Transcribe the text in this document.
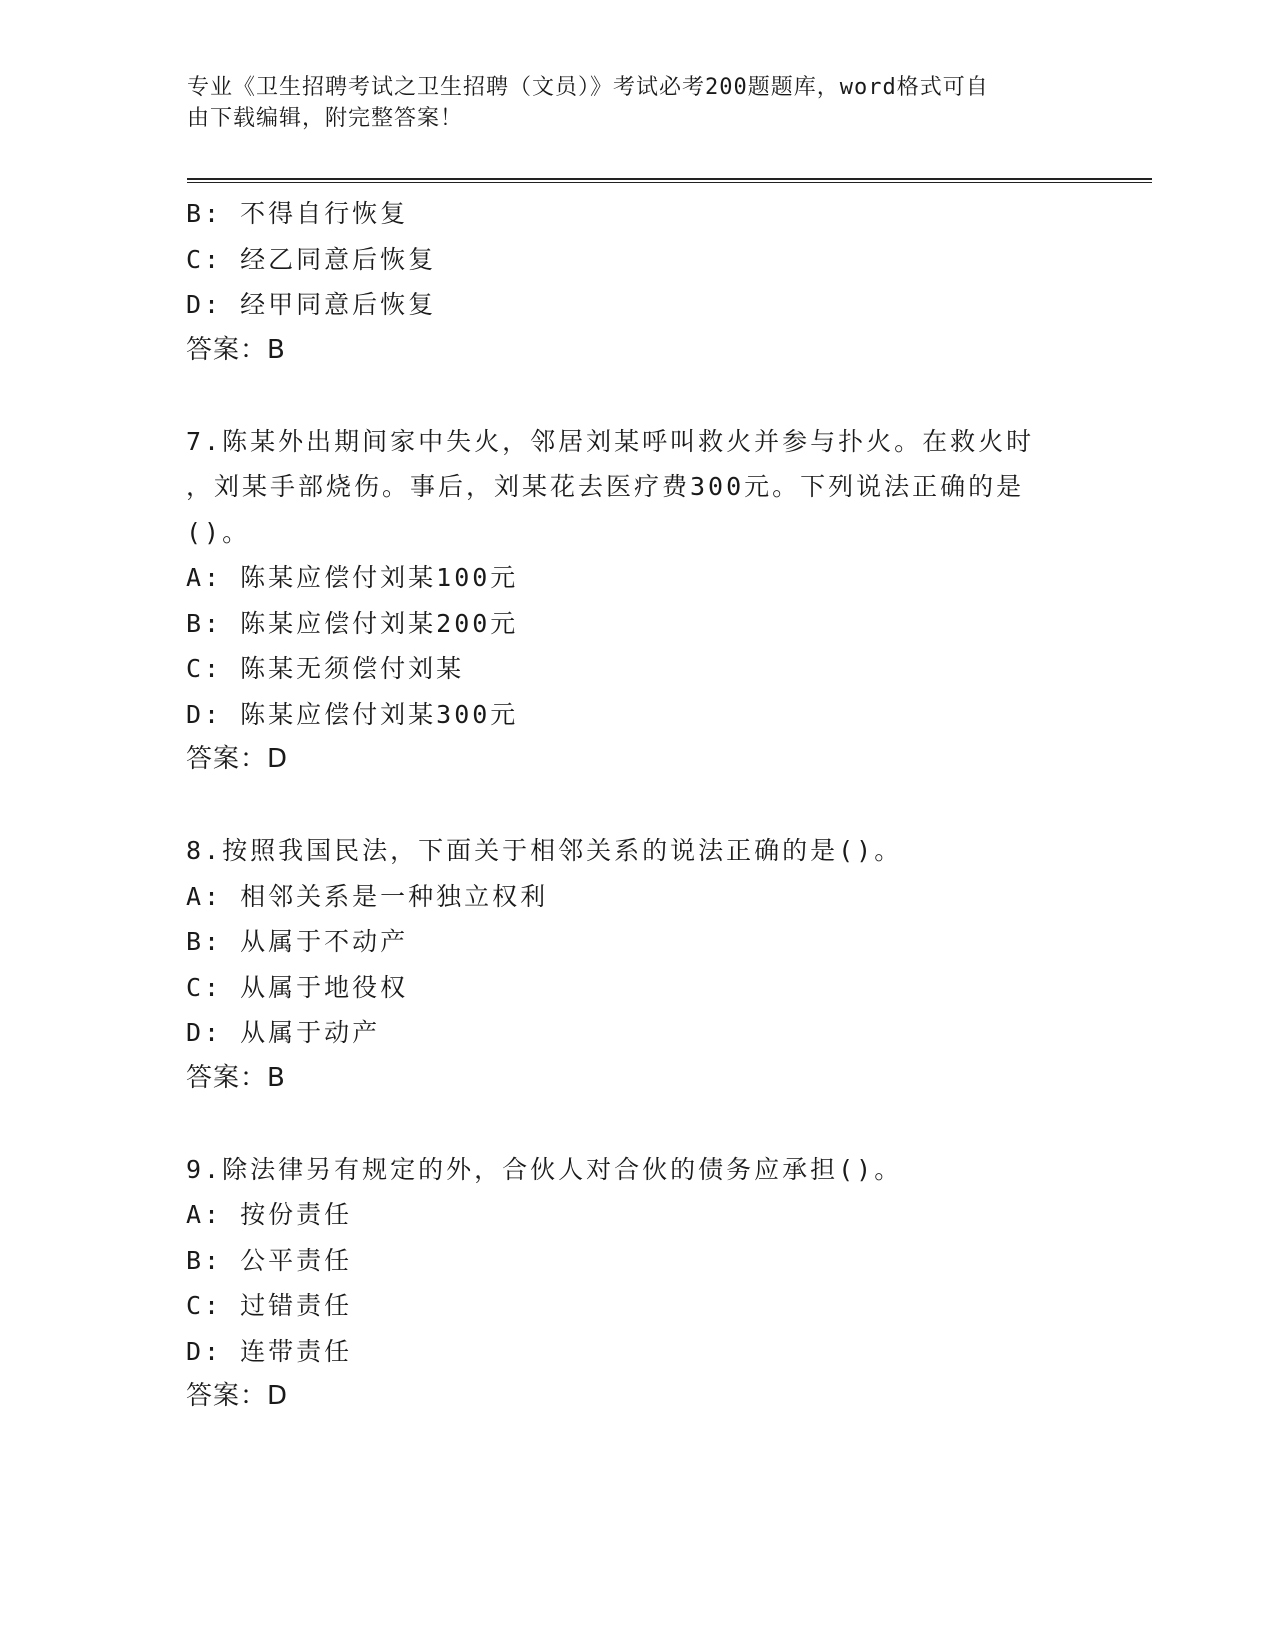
专业《卫生招聘考试之卫生招聘（文员）》考试必考200题题库，word格式可自
由下载编辑，附完整答案！
B: 不得自行恢复
C: 经乙同意后恢复
D: 经甲同意后恢复
答案：B
7.陈某外出期间家中失火，邻居刘某呼叫救火并参与扑火。在救火时
，刘某手部烧伤。事后，刘某花去医疗费300元。下列说法正确的是
()。
A: 陈某应偿付刘某100元
B: 陈某应偿付刘某200元
C: 陈某无须偿付刘某
D: 陈某应偿付刘某300元
答案：D
8.按照我国民法，下面关于相邻关系的说法正确的是()。
A: 相邻关系是一种独立权利
B: 从属于不动产
C: 从属于地役权
D: 从属于动产
答案：B
9.除法律另有规定的外，合伙人对合伙的债务应承担()。
A: 按份责任
B: 公平责任
C: 过错责任
D: 连带责任
答案：D
